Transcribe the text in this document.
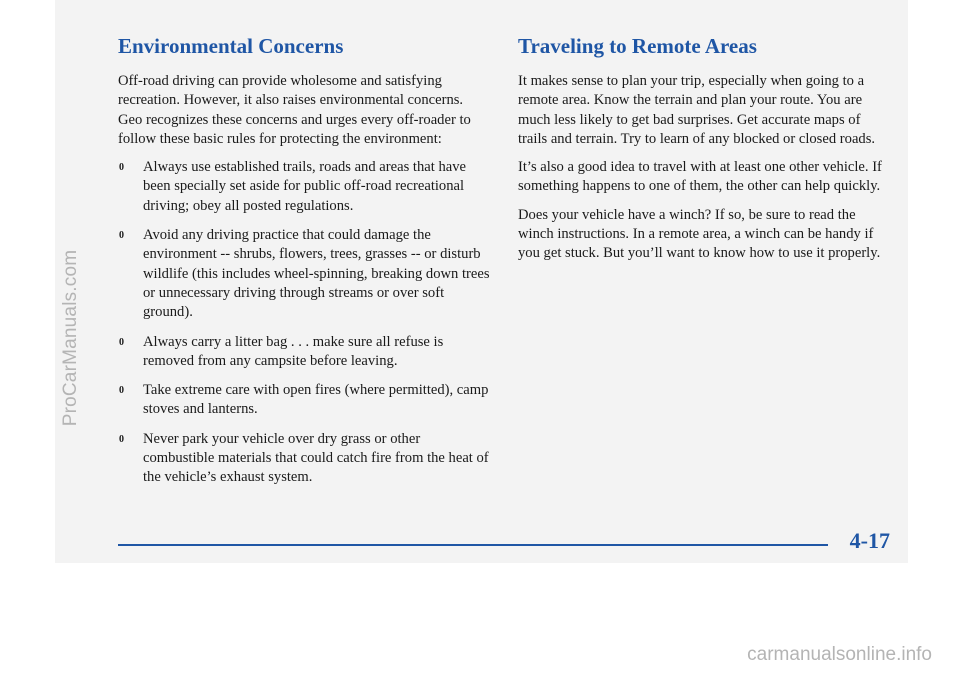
ProCarManuals.com
Environmental Concerns

Off-road driving can provide wholesome and satisfying recreation. However, it also raises environmental concerns. Geo recognizes these concerns and urges every off-roader to follow these basic rules for protecting the environment:

0 Always use established trails, roads and areas that have been specially set aside for public off-road recreational driving; obey all posted regulations.
0 Avoid any driving practice that could damage the environment -- shrubs, flowers, trees, grasses -- or disturb wildlife (this includes wheel-spinning, breaking down trees or unnecessary driving through streams or over soft ground).
0 Always carry a litter bag . . . make sure all refuse is removed from any campsite before leaving.
0 Take extreme care with open fires (where permitted), camp stoves and lanterns.
0 Never park your vehicle over dry grass or other combustible materials that could catch fire from the heat of the vehicle’s exhaust system.
Traveling to Remote Areas

It makes sense to plan your trip, especially when going to a remote area. Know the terrain and plan your route. You are much less likely to get bad surprises. Get accurate maps of trails and terrain. Try to learn of any blocked or closed roads.

It’s also a good idea to travel with at least one other vehicle. If something happens to one of them, the other can help quickly.

Does your vehicle have a winch? If so, be sure to read the winch instructions. In a remote area, a winch can be handy if you get stuck. But you’ll want to know how to use it properly.

4-17
carmanualsonline.info
